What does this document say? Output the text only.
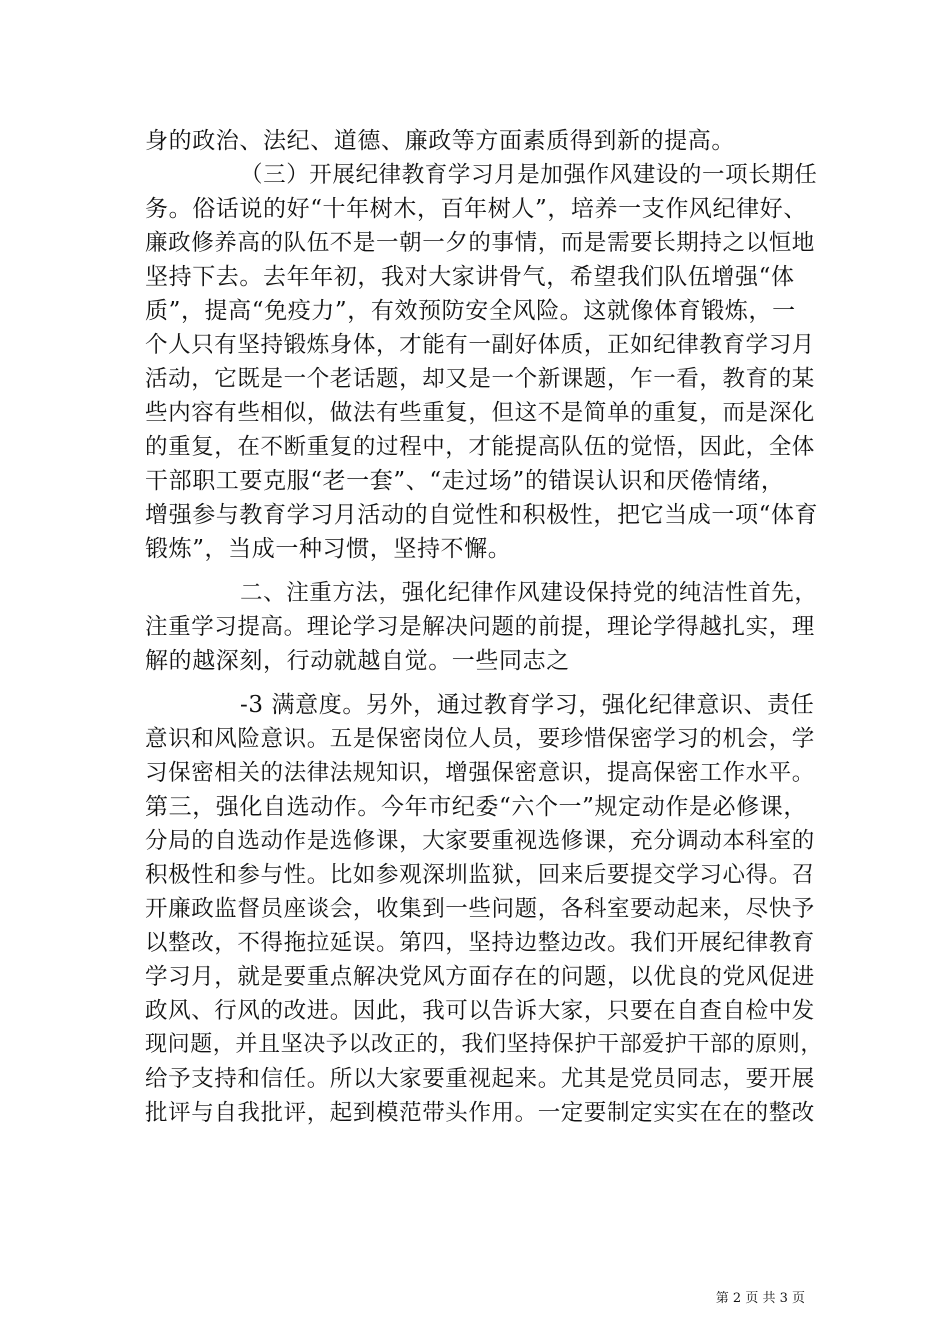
身的政治、法纪、道德、廉政等方面素质得到新的提高。
（三）开展纪律教育学习月是加强作风建设的一项长期任
务。俗话说的好“十年树木，百年树人”，培养一支作风纪律好、
廉政修养高的队伍不是一朝一夕的事情，而是需要长期持之以恒地
坚持下去。去年年初，我对大家讲骨气，希望我们队伍增强“体
质”，提高“免疫力”，有效预防安全风险。这就像体育锻炼，一
个人只有坚持锻炼身体，才能有一副好体质，正如纪律教育学习月
活动，它既是一个老话题，却又是一个新课题，乍一看，教育的某
些内容有些相似，做法有些重复，但这不是简单的重复，而是深化
的重复，在不断重复的过程中，才能提高队伍的觉悟，因此，全体
干部职工要克服“老一套”、“走过场”的错误认识和厌倦情绪，
增强参与教育学习月活动的自觉性和积极性，把它当成一项“体育
锻炼”，当成一种习惯，坚持不懈。
二、注重方法，强化纪律作风建设保持党的纯洁性首先，
注重学习提高。理论学习是解决问题的前提，理论学得越扎实，理
解的越深刻，行动就越自觉。一些同志之
-3 满意度。另外，通过教育学习，强化纪律意识、责任
意识和风险意识。五是保密岗位人员，要珍惜保密学习的机会，学
习保密相关的法律法规知识，增强保密意识，提高保密工作水平。
第三，强化自选动作。今年市纪委“六个一”规定动作是必修课，
分局的自选动作是选修课，大家要重视选修课，充分调动本科室的
积极性和参与性。比如参观深圳监狱，回来后要提交学习心得。召
开廉政监督员座谈会，收集到一些问题，各科室要动起来，尽快予
以整改，不得拖拉延误。第四，坚持边整边改。我们开展纪律教育
学习月，就是要重点解决党风方面存在的问题，以优良的党风促进
政风、行风的改进。因此，我可以告诉大家，只要在自查自检中发
现问题，并且坚决予以改正的，我们坚持保护干部爱护干部的原则，
给予支持和信任。所以大家要重视起来。尤其是党员同志，要开展
批评与自我批评，起到模范带头作用。一定要制定实实在在的整改
第 2 页 共 3 页
